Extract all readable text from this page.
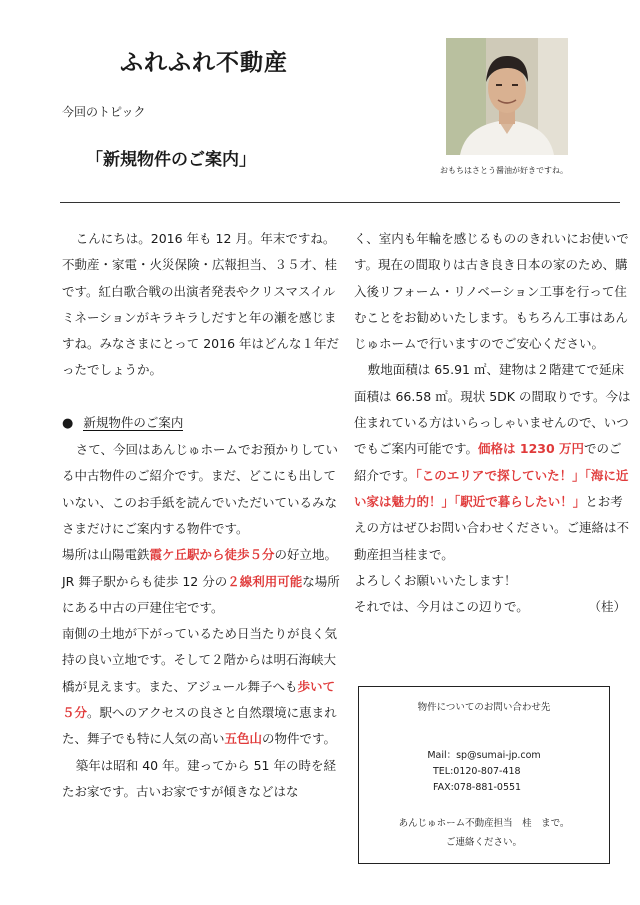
ふれふれ不動産
今回のトピック
「新規物件のご案内」
おもちはさとう醤油が好きですね。

こんにちは。2016 年も 12 月。年末ですね。不動産・家電・火災保険・広報担当、３５才、桂です。紅白歌合戦の出演者発表やクリスマスイルミネーションがキラキラしだすと年の瀬を感じますね。みなさまにとって 2016 年はどんな１年だったでしょうか。

● 新規物件のご案内

さて、今回はあんじゅホームでお預かりしている中古物件のご紹介です。まだ、どこにも出していない、このお手紙を読んでいただいているみなさまだけにご案内する物件です。

場所は山陽電鉄霞ケ丘駅から徒歩５分の好立地。JR 舞子駅からも徒歩 12 分の２線利用可能な場所にある中古の戸建住宅です。

南側の土地が下がっているため日当たりが良く気持の良い立地です。そして２階からは明石海峡大橋が見えます。また、アジュール舞子へも歩いて５分。駅へのアクセスの良さと自然環境に恵まれた、舞子でも特に人気の高い五色山の物件です。

築年は昭和 40 年。建ってから 51 年の時を経たお家です。古いお家ですが傾きなどはな

く、室内も年輪を感じるもののきれいにお使いです。現在の間取りは古き良き日本の家のため、購入後リフォーム・リノベーション工事を行って住むことをお勧めいたします。もちろん工事はあんじゅホームで行いますのでご安心ください。

敷地面積は 65.91 ㎡、建物は２階建てで延床面積は 66.58 ㎡。現状 5DK の間取りです。今は住まれている方はいらっしゃいませんので、いつでもご案内可能です。価格は 1230 万円でのご紹介です。「このエリアで探していた！」「海に近い家は魅力的！」「駅近で暮らしたい！」とお考えの方はぜひお問い合わせください。ご連絡は不動産担当桂まで。

よろしくお願いいたします！

それでは、今月はこの辺りで。	（桂）

物件についてのお問い合わせ先
Mail：sp@sumai-jp.com
TEL:0120-807-418
FAX:078-881-0551
あんじゅホーム不動産担当　桂　まで。
ご連絡ください。
